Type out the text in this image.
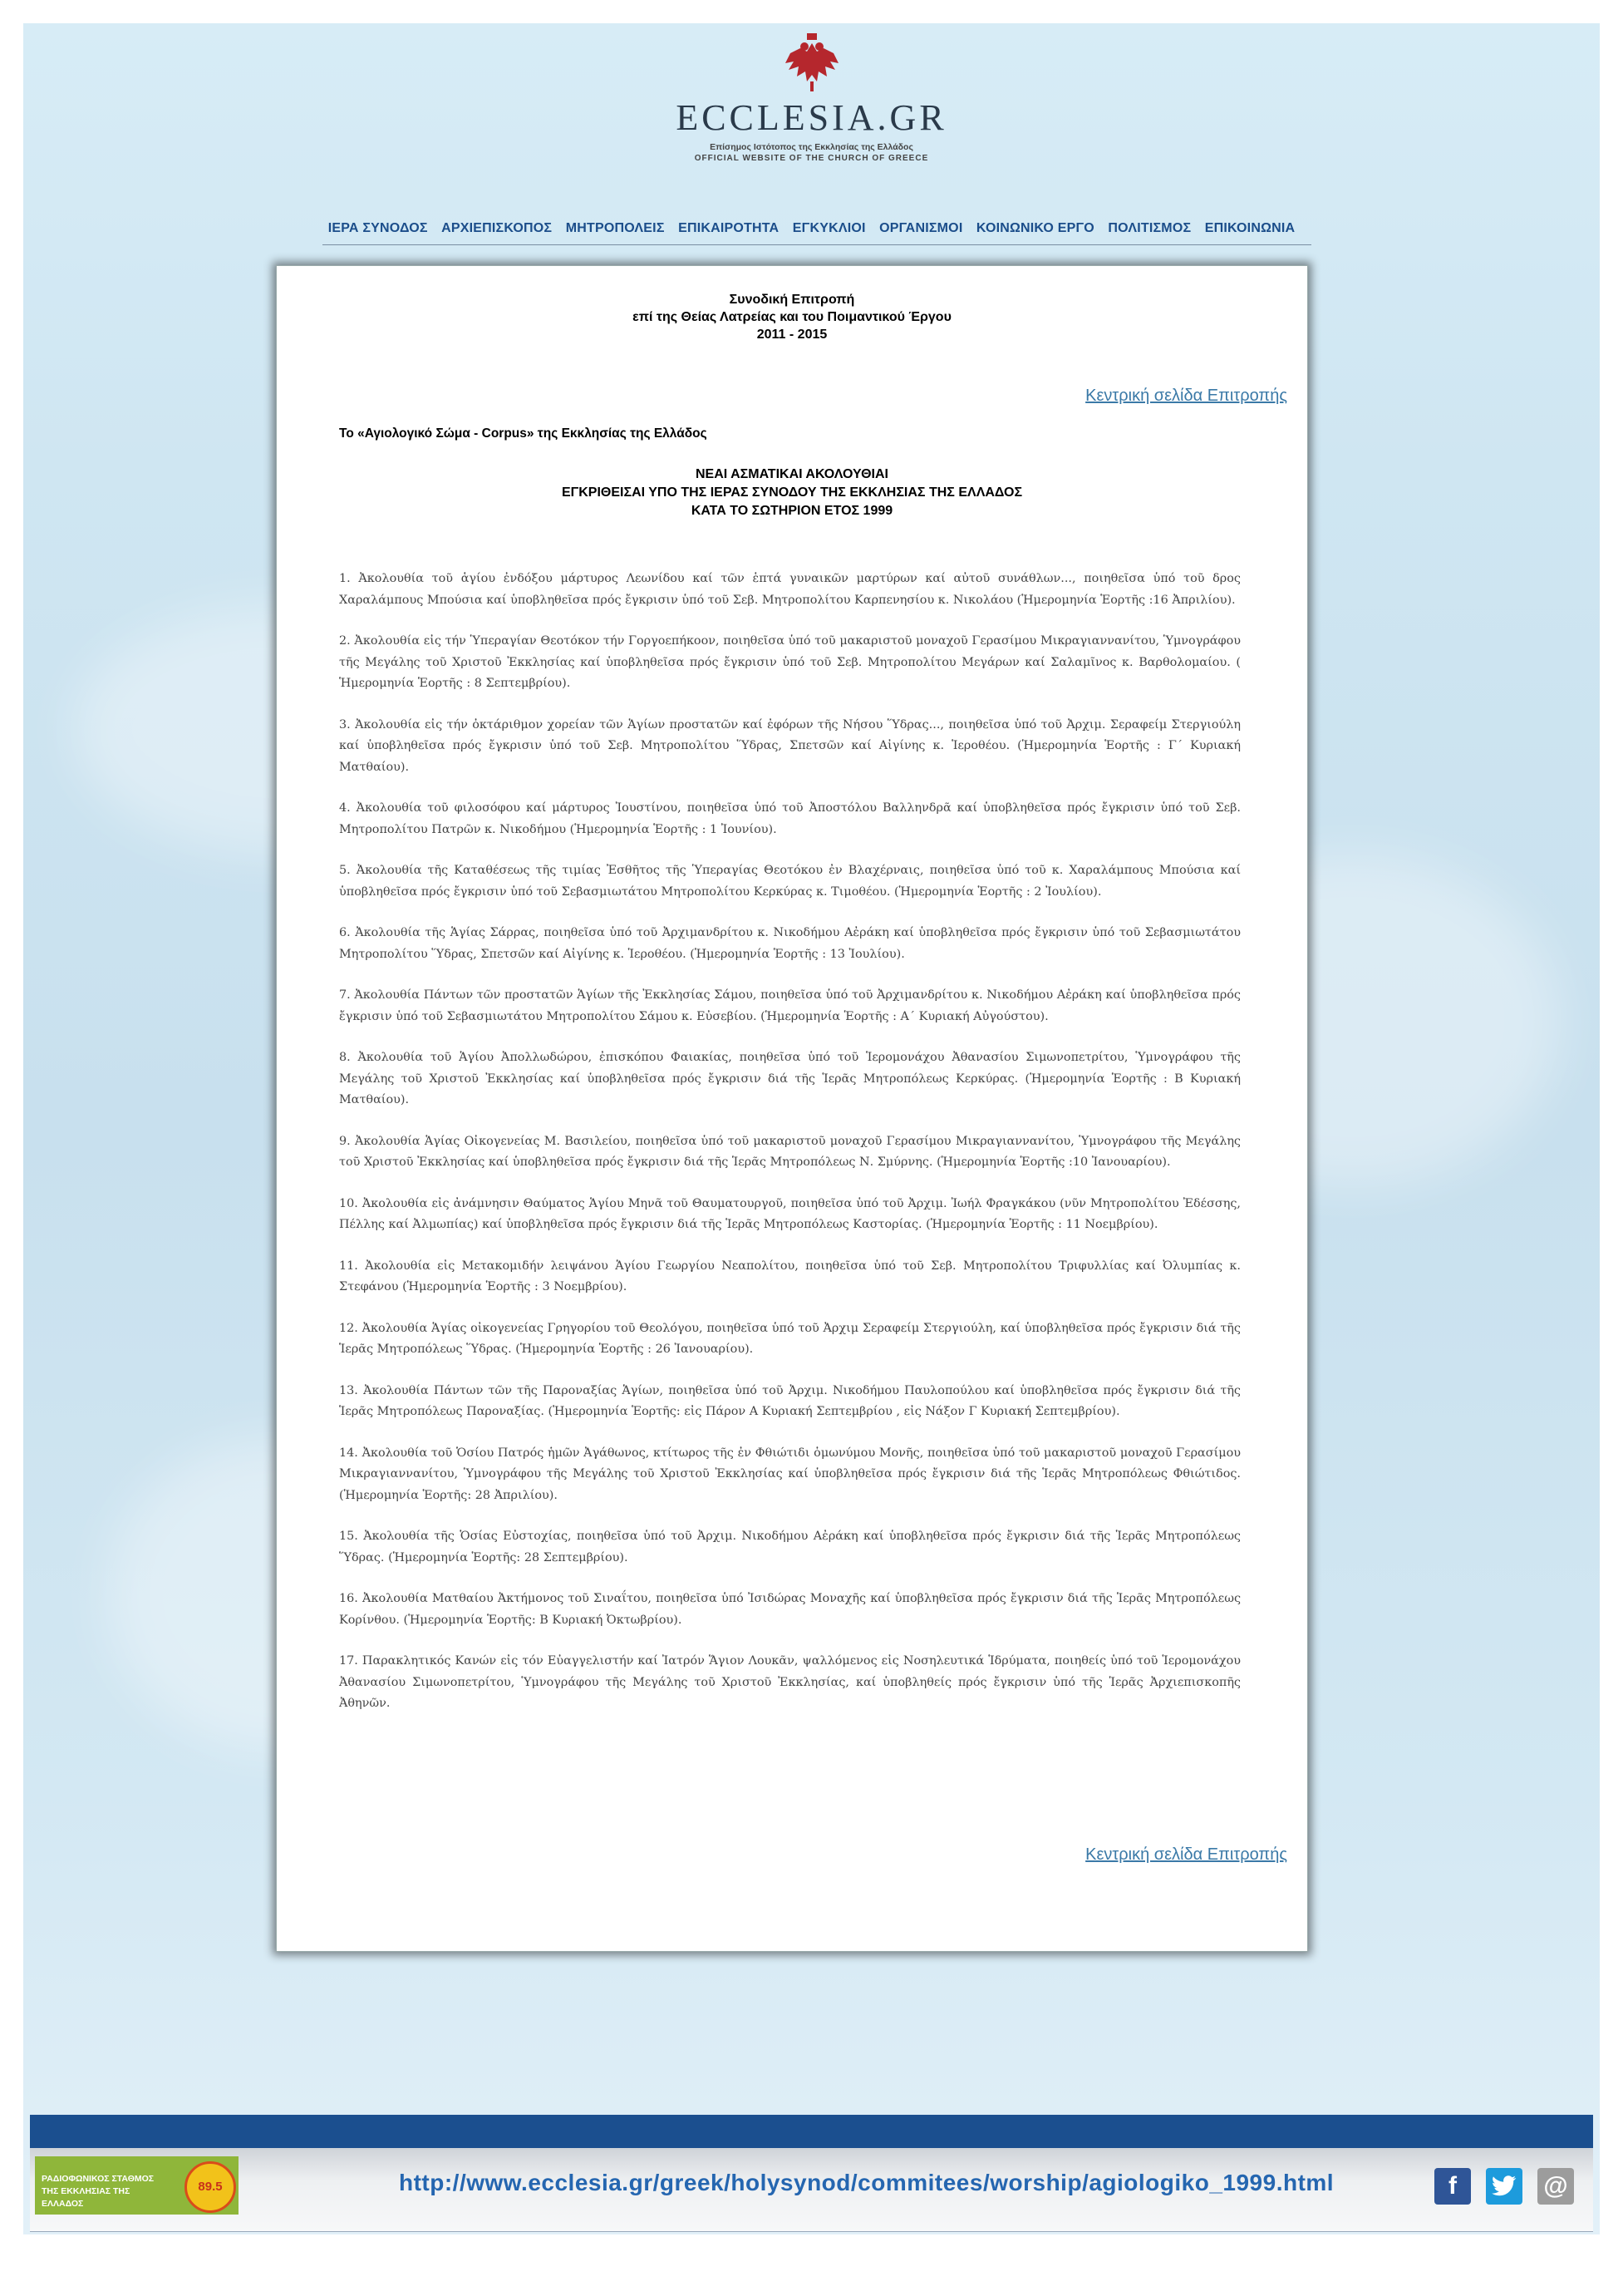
ECCLESIA.GR
Επίσημος Ιστότοπος της Εκκλησίας της Ελλάδος
OFFICIAL WEBSITE OF THE CHURCH OF GREECE
ΙΕΡΑ ΣΥΝΟΔΟΣ ΑΡΧΙΕΠΙΣΚΟΠΟΣ ΜΗΤΡΟΠΟΛΕΙΣ ΕΠΙΚΑΙΡΟΤΗΤΑ ΕΓΚΥΚΛΙΟΙ ΟΡΓΑΝΙΣΜΟΙ ΚΟΙΝΩΝΙΚΟ ΕΡΓΟ ΠΟΛΙΤΙΣΜΟΣ ΕΠΙΚΟΙΝΩΝΙΑ
Συνοδική Επιτροπή
επί της Θείας Λατρείας και του Ποιμαντικού Έργου
2011 - 2015
Κεντρική σελίδα Επιτροπής
Το «Αγιολογικό Σώμα - Corpus» της Εκκλησίας της Ελλάδος
ΝΕΑΙ ΑΣΜΑΤΙΚΑΙ ΑΚΟΛΟΥΘΙΑΙ
ΕΓΚΡΙΘΕΙΣΑΙ ΥΠΟ ΤΗΣ ΙΕΡΑΣ ΣΥΝΟΔΟΥ ΤΗΣ ΕΚΚΛΗΣΙΑΣ ΤΗΣ ΕΛΛΑΔΟΣ
ΚΑΤΑ ΤΟ ΣΩΤΗΡΙΟΝ ΕΤΟΣ 1999

1. Ἀκολουθία τοῦ ἁγίου ἐνδόξου μάρτυρος Λεωνίδου καί τῶν ἑπτά γυναικῶν μαρτύρων καί αὐτοῦ συνάθλων..., ποιηθεῖσα ὑπό τοῦ δρος Χαραλάμπους Μπούσια καί ὑποβληθεῖσα πρός ἔγκρισιν ὑπό τοῦ Σεβ. Μητροπολίτου Καρπενησίου κ. Νικολάου (Ἡμερομηνία Ἑορτῆς :16 Ἀπριλίου).

2. Ἀκολουθία εἰς τήν Ὑπεραγίαν Θεοτόκον τήν Γοργοεπήκοον, ποιηθεῖσα ὑπό τοῦ μακαριστοῦ μοναχοῦ Γερασίμου Μικραγιαννανίτου, Ὑμνογράφου τῆς Μεγάλης τοῦ Χριστοῦ Ἐκκλησίας καί ὑποβληθεῖσα πρός ἔγκρισιν ὑπό τοῦ Σεβ. Μητροπολίτου Μεγάρων καί Σαλαμῖνος κ. Βαρθολομαίου. ( Ἡμερομηνία Ἑορτῆς : 8 Σεπτεμβρίου).

3. Ἀκολουθία εἰς τήν ὀκτάριθμον χορείαν τῶν Ἁγίων προστατῶν καί ἐφόρων τῆς Νήσου Ὕδρας..., ποιηθεῖσα ὑπό τοῦ Ἀρχιμ. Σεραφείμ Στεργιούλη καί ὑποβληθεῖσα πρός ἔγκρισιν ὑπό τοῦ Σεβ. Μητροπολίτου Ὕδρας, Σπετσῶν καί Αἰγίνης κ. Ἱεροθέου. (Ἡμερομηνία Ἑορτῆς : Γ΄ Κυριακή Ματθαίου).

4. Ἀκολουθία τοῦ φιλοσόφου καί μάρτυρος Ἰουστίνου, ποιηθεῖσα ὑπό τοῦ Ἀποστόλου Βαλληνδρᾶ καί ὑποβληθεῖσα πρός ἔγκρισιν ὑπό τοῦ Σεβ. Μητροπολίτου Πατρῶν κ. Νικοδήμου (Ἡμερομηνία Ἑορτῆς : 1 Ἰουνίου).

5. Ἀκολουθία τῆς Καταθέσεως τῆς τιμίας Ἐσθῆτος τῆς Ὑπεραγίας Θεοτόκου ἐν Βλαχέρναις, ποιηθεῖσα ὑπό τοῦ κ. Χαραλάμπους Μπούσια καί ὑποβληθεῖσα πρός ἔγκρισιν ὑπό τοῦ Σεβασμιωτάτου Μητροπολίτου Κερκύρας κ. Τιμοθέου. (Ἡμερομηνία Ἑορτῆς : 2 Ἰουλίου).

6. Ἀκολουθία τῆς Ἁγίας Σάρρας, ποιηθεῖσα ὑπό τοῦ Ἀρχιμανδρίτου κ. Νικοδήμου Αἐράκη καί ὑποβληθεῖσα πρός ἔγκρισιν ὑπό τοῦ Σεβασμιωτάτου Μητροπολίτου Ὕδρας, Σπετσῶν καί Αἰγίνης κ. Ἱεροθέου. (Ἡμερομηνία Ἑορτῆς : 13 Ἰουλίου).

7. Ἀκολουθία Πάντων τῶν προστατῶν Ἁγίων τῆς Ἐκκλησίας Σάμου, ποιηθεῖσα ὑπό τοῦ Ἀρχιμανδρίτου κ. Νικοδήμου Αἐράκη καί ὑποβληθεῖσα πρός ἔγκρισιν ὑπό τοῦ Σεβασμιωτάτου Μητροπολίτου Σάμου κ. Εὐσεβίου. (Ἡμερομηνία Ἑορτῆς : Α΄ Κυριακή Αὐγούστου).

8. Ἀκολουθία τοῦ Ἁγίου Ἀπολλωδώρου, ἐπισκόπου Φαιακίας, ποιηθεῖσα ὑπό τοῦ Ἱερομονάχου Ἀθανασίου Σιμωνοπετρίτου, Ὑμνογράφου τῆς Μεγάλης τοῦ Χριστοῦ Ἐκκλησίας καί ὑποβληθεῖσα πρός ἔγκρισιν διά τῆς Ἱερᾶς Μητροπόλεως Κερκύρας. (Ἡμερομηνία Ἑορτῆς : Β Κυριακή Ματθαίου).

9. Ἀκολουθία Ἁγίας Οἰκογενείας Μ. Βασιλείου, ποιηθεῖσα ὑπό τοῦ μακαριστοῦ μοναχοῦ Γερασίμου Μικραγιαννανίτου, Ὑμνογράφου τῆς Μεγάλης τοῦ Χριστοῦ Ἐκκλησίας καί ὑποβληθεῖσα πρός ἔγκρισιν διά τῆς Ἱερᾶς Μητροπόλεως Ν. Σμύρνης. (Ἡμερομηνία Ἑορτῆς :10 Ἰανουαρίου).

10. Ἀκολουθία εἰς ἀνάμνησιν Θαύματος Ἁγίου Μηνᾶ τοῦ Θαυματουργοῦ, ποιηθεῖσα ὑπό τοῦ Ἀρχιμ. Ἰωήλ Φραγκάκου (νῦν Μητροπολίτου Ἐδέσσης, Πέλλης καί Ἀλμωπίας) καί ὑποβληθεῖσα πρός ἔγκρισιν διά τῆς Ἱερᾶς Μητροπόλεως Καστορίας. (Ἡμερομηνία Ἑορτῆς : 11 Νοεμβρίου).

11. Ἀκολουθία εἰς Μετακομιδήν λειψάνου Ἁγίου Γεωργίου Νεαπολίτου, ποιηθεῖσα ὑπό τοῦ Σεβ. Μητροπολίτου Τριφυλλίας καί Ὀλυμπίας κ. Στεφάνου (Ἡμερομηνία Ἑορτῆς : 3 Νοεμβρίου).

12. Ἀκολουθία Ἁγίας οἰκογενείας Γρηγορίου τοῦ Θεολόγου, ποιηθεῖσα ὑπό τοῦ Ἀρχιμ Σεραφείμ Στεργιούλη, καί ὑποβληθεῖσα πρός ἔγκρισιν διά τῆς Ἱερᾶς Μητροπόλεως Ὕδρας. (Ἡμερομηνία Ἑορτῆς : 26 Ἰανουαρίου).

13. Ἀκολουθία Πάντων τῶν τῆς Παροναξίας Ἁγίων, ποιηθεῖσα ὑπό τοῦ Ἀρχιμ. Νικοδήμου Παυλοπούλου καί ὑποβληθεῖσα πρός ἔγκρισιν διά τῆς Ἱερᾶς Μητροπόλεως Παροναξίας. (Ἡμερομηνία Ἑορτῆς: εἰς Πάρον Α Κυριακή Σεπτεμβρίου , εἰς Νάξον Γ Κυριακή Σεπτεμβρίου).

14. Ἀκολουθία τοῦ Ὁσίου Πατρός ἡμῶν Ἀγάθωνος, κτίτωρος τῆς ἐν Φθιώτιδι ὁμωνύμου Μονῆς, ποιηθεῖσα ὑπό τοῦ μακαριστοῦ μοναχοῦ Γερασίμου Μικραγιαννανίτου, Ὑμνογράφου τῆς Μεγάλης τοῦ Χριστοῦ Ἐκκλησίας καί ὑποβληθεῖσα πρός ἔγκρισιν διά τῆς Ἱερᾶς Μητροπόλεως Φθιώτιδος. (Ἡμερομηνία Ἑορτῆς: 28 Ἀπριλίου).

15. Ἀκολουθία τῆς Ὁσίας Εὐστοχίας, ποιηθεῖσα ὑπό τοῦ Ἀρχιμ. Νικοδήμου Αἐράκη καί ὑποβληθεῖσα πρός ἔγκρισιν διά τῆς Ἱερᾶς Μητροπόλεως Ὕδρας. (Ἡμερομηνία Ἑορτῆς: 28 Σεπτεμβρίου).

16. Ἀκολουθία Ματθαίου Ἀκτήμονος τοῦ Σιναΐτου, ποιηθεῖσα ὑπό Ἰσιδώρας Μοναχῆς καί ὑποβληθεῖσα πρός ἔγκρισιν διά τῆς Ἱερᾶς Μητροπόλεως Κορίνθου. (Ἡμερομηνία Ἑορτῆς: Β Κυριακή Ὀκτωβρίου).

17. Παρακλητικός Κανών εἰς τόν Εὐαγγελιστήν καί Ἰατρόν Ἅγιον Λουκᾶν, ψαλλόμενος εἰς Νοσηλευτικά Ἱδρύματα, ποιηθείς ὑπό τοῦ Ἱερομονάχου Ἀθανασίου Σιμωνοπετρίτου, Ὑμνογράφου τῆς Μεγάλης τοῦ Χριστοῦ Ἐκκλησίας, καί ὑποβληθείς πρός ἔγκρισιν ὑπό τῆς Ἱερᾶς Ἀρχιεπισκοπῆς Ἀθηνῶν.

Κεντρική σελίδα Επιτροπής
ΡΑΔΙΟΦΩΝΙΚΟΣ ΣΤΑΘΜΟΣ
ΤΗΣ ΕΚΚΛΗΣΙΑΣ ΤΗΣ ΕΛΛΑΔΟΣ
89.5	http://www.ecclesia.gr/greek/holysynod/commitees/worship/agiologiko_1999.html	f	@
